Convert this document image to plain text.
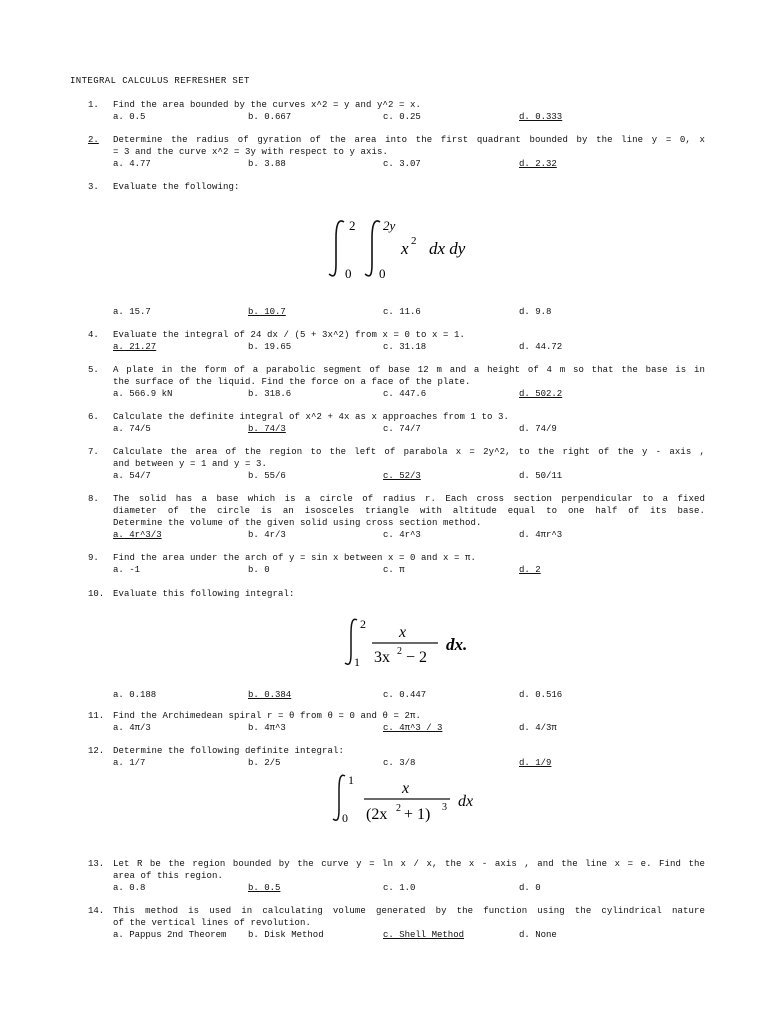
INTEGRAL CALCULUS REFRESHER SET
1.	Find the area bounded by the curves x^2 = y and y^2 = x.
a. 0.5	b. 0.667	c. 0.25	d. 0.333
2.	Determine the radius of gyration of the area into the first quadrant bounded by the line y = 0, x
= 3 and the curve x^2 = 3y with respect to y axis.
a. 4.77	b. 3.88	c. 3.07	d. 2.32
3.	Evaluate the following:
a. 15.7	b. 10.7	c. 11.6	d. 9.8
4.	Evaluate the integral of 24 dx / (5 + 3x^2) from x = 0 to x = 1.
a. 21.27	b. 19.65	c. 31.18	d. 44.72
5.	A plate in the form of a parabolic segment of base 12 m and a height of 4 m so that the base is in
the surface of the liquid. Find the force on a face of the plate.
a. 566.9 kN	b. 318.6	c. 447.6	d. 502.2
6.	Calculate the definite integral of x^2 + 4x as x approaches from 1 to 3.
a. 74/5	b. 74/3	c. 74/7	d. 74/9
7.	Calculate the area of the region to the left of parabola x = 2y^2, to the right of the y - axis ,
and between y = 1 and y = 3.
a. 54/7	b. 55/6	c. 52/3	d. 50/11
8.	The solid has a base which is a circle of radius r. Each cross section perpendicular to a fixed
diameter of the circle is an isosceles triangle with altitude equal to one half of its base.
Determine the volume of the given solid using cross section method.
a. 4r^3/3	b. 4r/3	c. 4r^3	d. 4πr^3
9.	Find the area under the arch of y = sin x between x = 0 and x = π.
a. -1	b. 0	c. π	d. 2
10. Evaluate this following integral:
a. 0.188	b. 0.384	c. 0.447	d. 0.516
11. Find the Archimedean spiral r = θ from θ = 0 and θ = 2π.
a. 4π/3	b. 4π^3	c. 4π^3 / 3	d. 4/3π
12. Determine the following definite integral:
a. 1/7	b. 2/5	c. 3/8	d. 1/9
13. Let R be the region bounded by the curve y = ln x / x, the x - axis , and the line x = e. Find the
area of this region.
a. 0.8	b. 0.5	c. 1.0	d. 0
14. This method is used in calculating volume generated by the function using the cylindrical nature
of the vertical lines of revolution.
a. Pappus 2nd Theorem b. Disk Method	c. Shell Method	d. None
2
0
2y
0
x 2 dx dy
2
1
x
3x 2 − 2
dx.
1
0
x
(2x 2 + 1) 3 dx
